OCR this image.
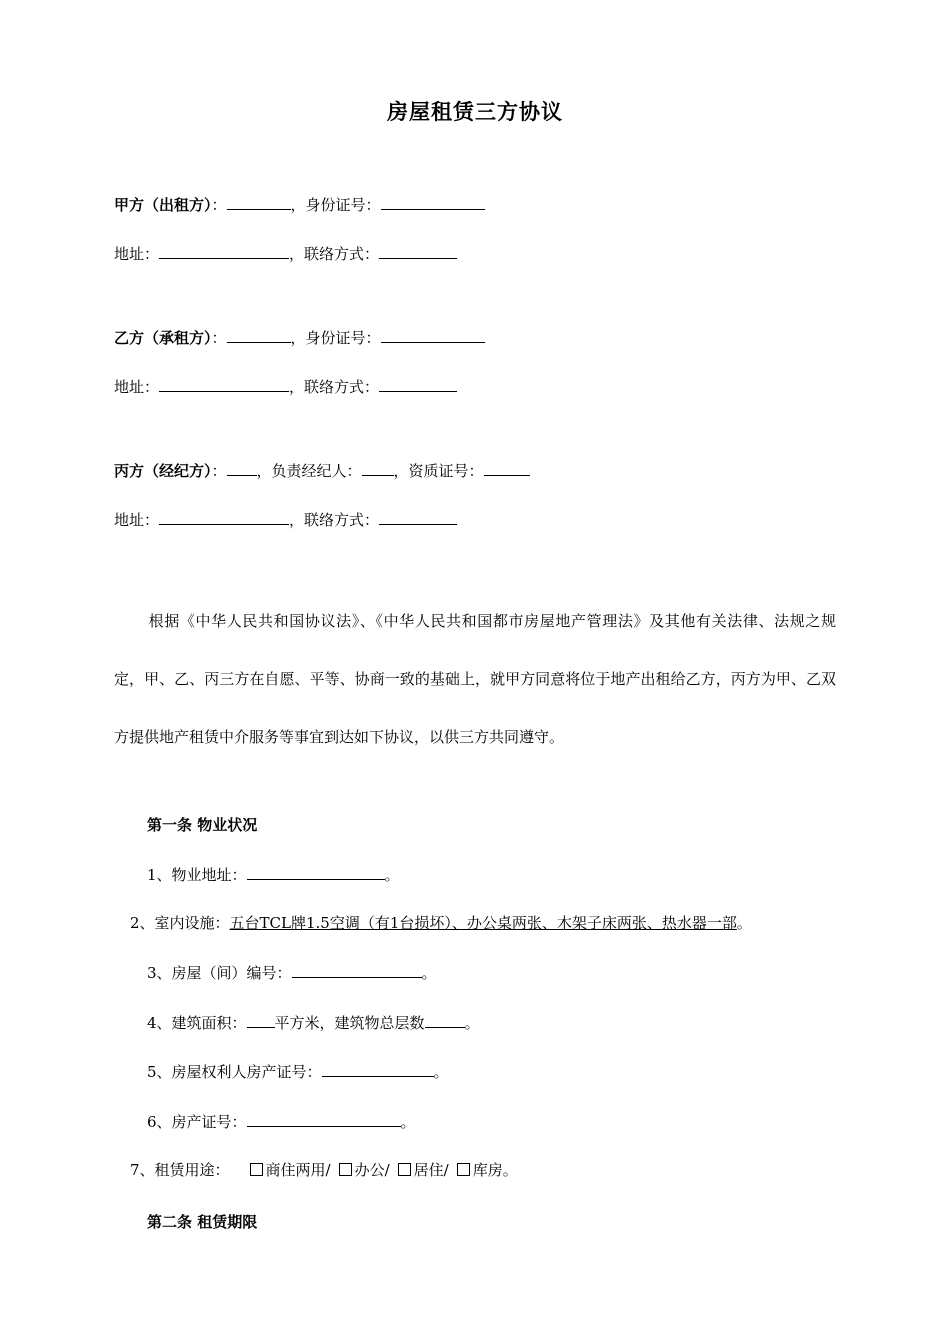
房屋租赁三方协议
甲方（出租方）：	，身份证号：
地址：	，联络方式：
乙方（承租方）：	，身份证号：
地址：	，联络方式：
丙方（经纪方）： ，负责经纪人： ，资质证号：
地址：	，联络方式：
根据《中华人民共和国协议法》、《中华人民共和国都市房屋地产管理法》及其他有关法律、法规之规定，甲、乙、丙三方在自愿、平等、协商一致的基础上，就甲方同意将位于地产出租给乙方，丙方为甲、乙双方提供地产租赁中介服务等事宜到达如下协议，以供三方共同遵守。
第一条 物业状况
1、物业地址：	。
2、室内设施：五台TCL牌1.5空调（有1台损坏）、办公桌两张、木架子床两张、热水器一部。
3、房屋（间）编号：	。
4、建筑面积： 平方米，建筑物总层数	。
5、房屋权利人房产证号：	。
6、房产证号：	。
7、租赁用途： 商住两用/ 办公/ 居住/ 库房。
第二条 租赁期限
